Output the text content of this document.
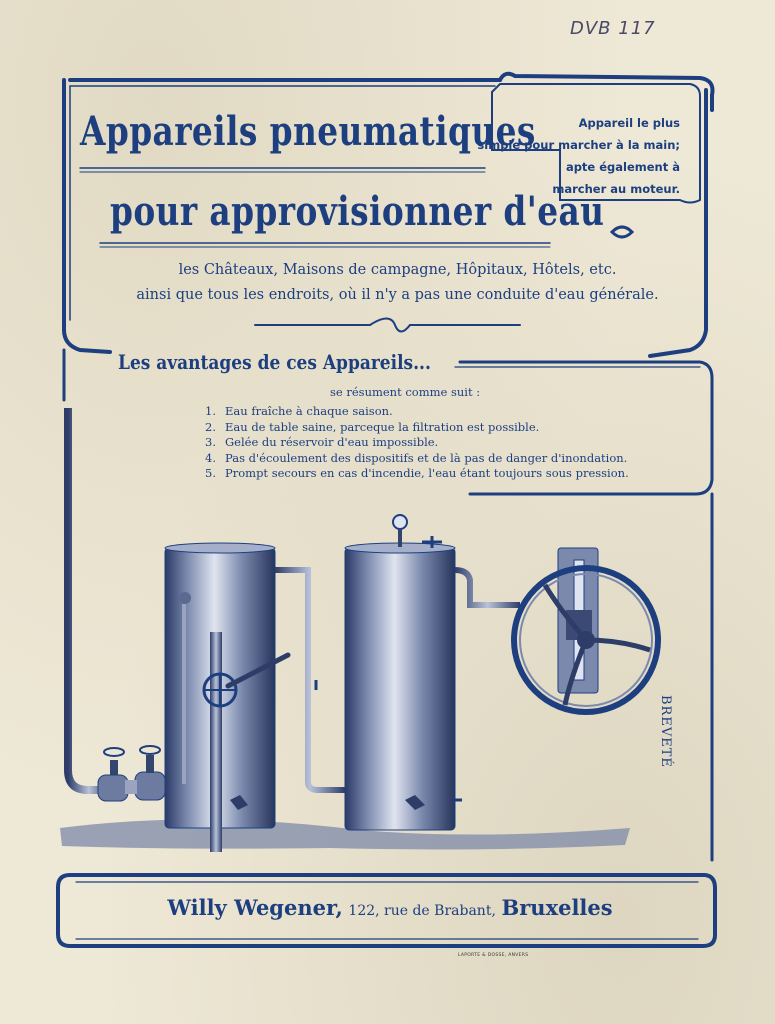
DVB 117
Appareils pneumatiques
pour approvisionner d'eau
Appareil le plus
simple pour marcher à la main;
apte également à
marcher au moteur.
les Châteaux, Maisons de campagne, Hôpitaux, Hôtels, etc.
ainsi que tous les endroits, où il n'y a pas une conduite d'eau générale.
Les avantages de ces Appareils...
se résument comme suit :
1. Eau fraîche à chaque saison.
2. Eau de table saine, parceque la filtration est possible.
3. Gelée du réservoir d'eau impossible.
4. Pas d'écoulement des dispositifs et de là pas de danger d'inondation.
5. Prompt secours en cas d'incendie, l'eau étant toujours sous pression.
BREVETÉ
Willy Wegener, 122, rue de Brabant, Bruxelles
LAPORTE & DOSSE, ANVERS
